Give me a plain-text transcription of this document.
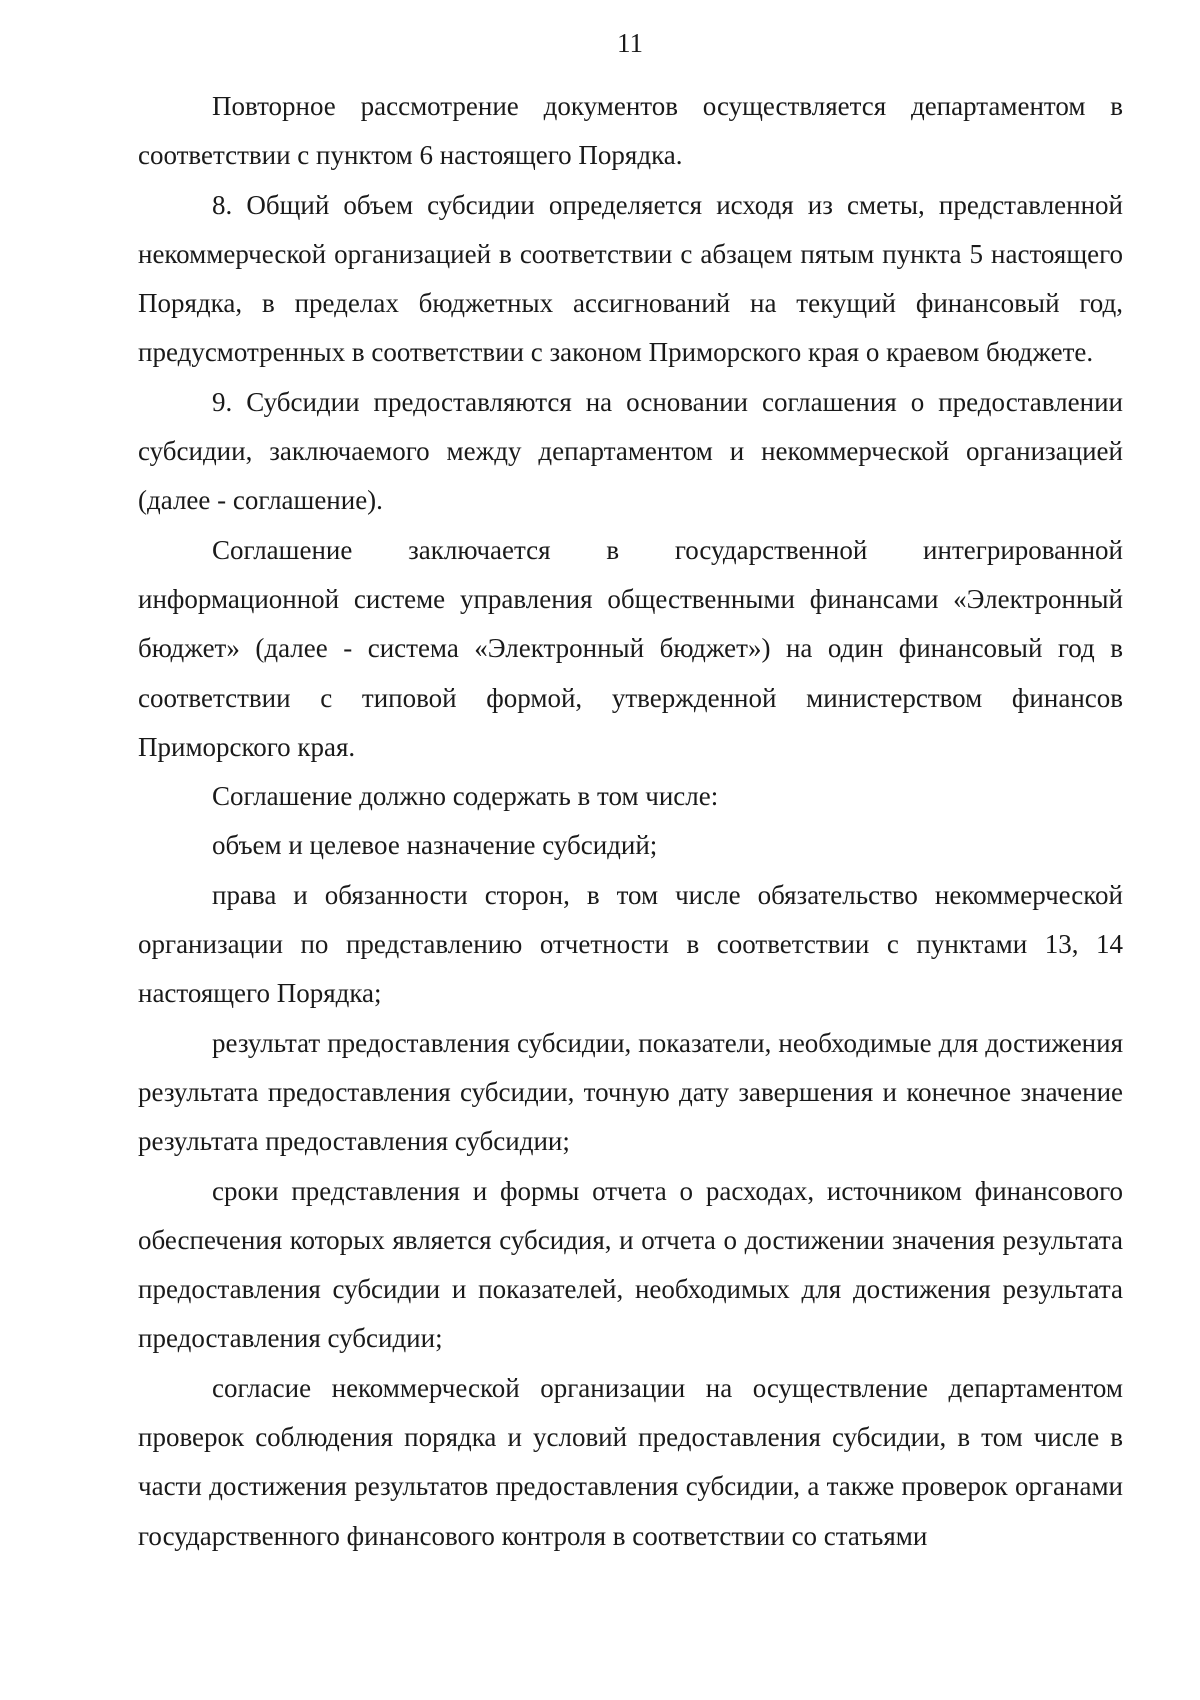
11

Повторное рассмотрение документов осуществляется департаментом в соответствии с пунктом 6 настоящего Порядка.

8. Общий объем субсидии определяется исходя из сметы, представленной некоммерческой организацией в соответствии с абзацем пятым пункта 5 настоящего Порядка, в пределах бюджетных ассигнований на текущий финансовый год, предусмотренных в соответствии с законом Приморского края о краевом бюджете.

9. Субсидии предоставляются на основании соглашения о предоставлении субсидии, заключаемого между департаментом и некоммерческой организацией (далее - соглашение).

Соглашение заключается в государственной интегрированной информационной системе управления общественными финансами «Электронный бюджет» (далее - система «Электронный бюджет») на один финансовый год в соответствии с типовой формой, утвержденной министерством финансов Приморского края.

Соглашение должно содержать в том числе:

объем и целевое назначение субсидий;

права и обязанности сторон, в том числе обязательство некоммерческой организации по представлению отчетности в соответствии с пунктами 13, 14 настоящего Порядка;

результат предоставления субсидии, показатели, необходимые для достижения результата предоставления субсидии, точную дату завершения и конечное значение результата предоставления субсидии;

сроки представления и формы отчета о расходах, источником финансового обеспечения которых является субсидия, и отчета о достижении значения результата предоставления субсидии и показателей, необходимых для достижения результата предоставления субсидии;

согласие некоммерческой организации на осуществление департаментом проверок соблюдения порядка и условий предоставления субсидии, в том числе в части достижения результатов предоставления субсидии, а также проверок органами государственного финансового контроля в соответствии со статьями
